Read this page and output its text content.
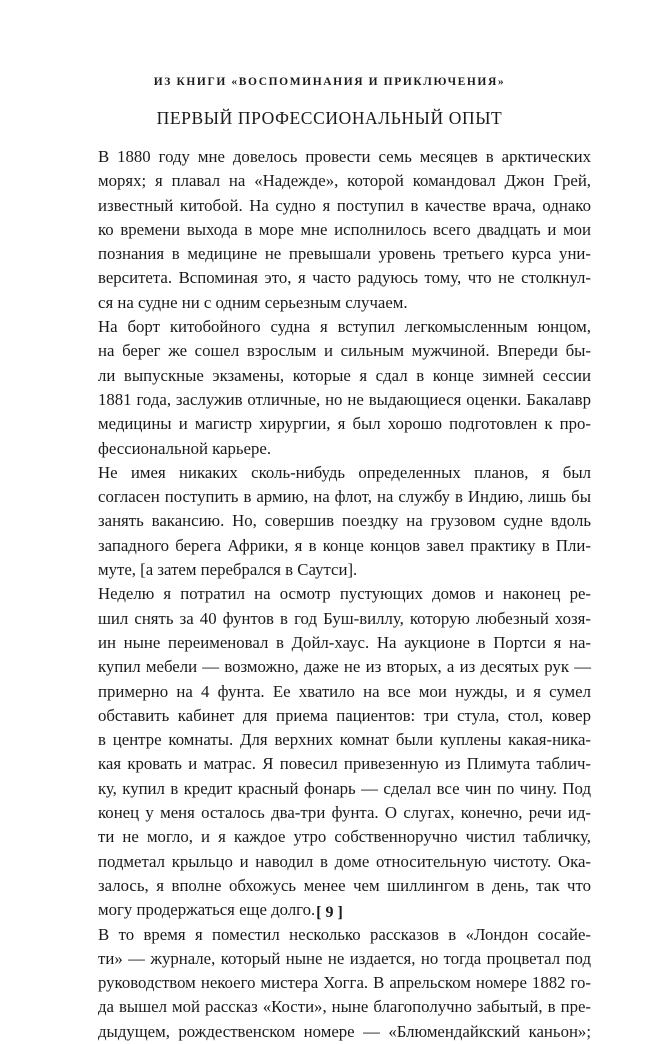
ИЗ КНИГИ «ВОСПОМИНАНИЯ И ПРИКЛЮЧЕНИЯ»
ПЕРВЫЙ ПРОФЕССИОНАЛЬНЫЙ ОПЫТ

В 1880 году мне довелось провести семь месяцев в арктических
морях; я плавал на «Надежде», которой командовал Джон Грей,
известный китобой. На судно я поступил в качестве врача, однако
ко времени выхода в море мне исполнилось всего двадцать и мои
познания в медицине не превышали уровень третьего курса уни-
верситета. Вспоминая это, я часто радуюсь тому, что не столкнул-
ся на судне ни с одним серьезным случаем.

На борт китобойного судна я вступил легкомысленным юнцом,
на берег же сошел взрослым и сильным мужчиной. Впереди бы-
ли выпускные экзамены, которые я сдал в конце зимней сессии
1881 года, заслужив отличные, но не выдающиеся оценки. Бакалавр
медицины и магистр хирургии, я был хорошо подготовлен к про-
фессиональной карьере.

Не имея никаких сколь-нибудь определенных планов, я был
согласен поступить в армию, на флот, на службу в Индию, лишь бы
занять вакансию. Но, совершив поездку на грузовом судне вдоль
западного берега Африки, я в конце концов завел практику в Пли-
муте, [а затем перебрался в Саутси].

Неделю я потратил на осмотр пустующих домов и наконец ре-
шил снять за 40 фунтов в год Буш-виллу, которую любезный хозя-
ин ныне переименовал в Дойл-хаус. На аукционе в Портси я на-
купил мебели — возможно, даже не из вторых, а из десятых рук —
примерно на 4 фунта. Ее хватило на все мои нужды, и я сумел
обставить кабинет для приема пациентов: три стула, стол, ковер
в центре комнаты. Для верхних комнат были куплены какая-ника-
кая кровать и матрас. Я повесил привезенную из Плимута таблич-
ку, купил в кредит красный фонарь — сделал все чин по чину. Под
конец у меня осталось два-три фунта. О слугах, конечно, речи ид-
ти не могло, и я каждое утро собственноручно чистил табличку,
подметал крыльцо и наводил в доме относительную чистоту. Ока-
залось, я вполне обхожусь менее чем шиллингом в день, так что
могу продержаться еще долго.

В то время я поместил несколько рассказов в «Лондон сосайе-
ти» — журнале, который ныне не издается, но тогда процветал под
руководством некоего мистера Хогга. В апрельском номере 1882 го-
да вышел мой рассказ «Кости», ныне благополучно забытый, в пре-
дыдущем, рождественском номере — «Блюмендайкский каньон»;

[ 9 ]
